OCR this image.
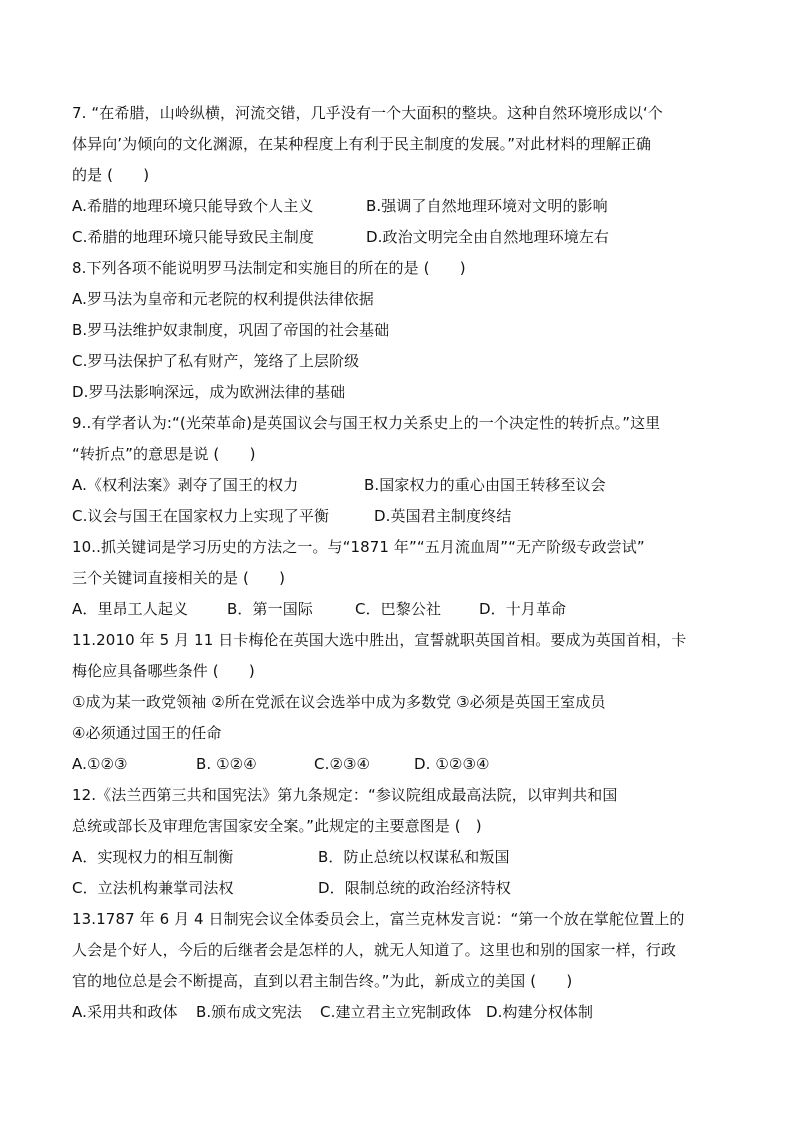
7. “在希腊，山岭纵横，河流交错，几乎没有一个大面积的整块。这种自然环境形成以‘个
体异向’为倾向的文化渊源，在某种程度上有利于民主制度的发展。”对此材料的理解正确
的是 (　　)
A.希腊的地理环境只能导致个人主义	B.强调了自然地理环境对文明的影响
C.希腊的地理环境只能导致民主制度	D.政治文明完全由自然地理环境左右
8.下列各项不能说明罗马法制定和实施目的所在的是 (　　)
A.罗马法为皇帝和元老院的权利提供法律依据
B.罗马法维护奴隶制度，巩固了帝国的社会基础
C.罗马法保护了私有财产，笼络了上层阶级
D.罗马法影响深远，成为欧洲法律的基础
9..有学者认为:“(光荣革命)是英国议会与国王权力关系史上的一个决定性的转折点。”这里
“转折点”的意思是说 (　　)
A.《权利法案》剥夺了国王的权力	B.国家权力的重心由国王转移至议会
C.议会与国王在国家权力上实现了平衡	D.英国君主制度终结
10..抓关键词是学习历史的方法之一。与“1871 年”“五月流血周”“无产阶级专政尝试”
三个关键词直接相关的是 (　　)
A．里昂工人起义	B．第一国际	C．巴黎公社	D．十月革命
11.2010 年 5 月 11 日卡梅伦在英国大选中胜出，宣誓就职英国首相。要成为英国首相，卡
梅伦应具备哪些条件 (　　)
①成为某一政党领袖 ②所在党派在议会选举中成为多数党 ③必须是英国王室成员
④必须通过国王的任命
A.①②③	B. ①②④	C.②③④	D. ①②③④
12.《法兰西第三共和国宪法》第九条规定：“参议院组成最高法院，以审判共和国
总统或部长及审理危害国家安全案。”此规定的主要意图是 (　)
A．实现权力的相互制衡	B．防止总统以权谋私和叛国
C．立法机构兼掌司法权	D．限制总统的政治经济特权
13.1787 年 6 月 4 日制宪会议全体委员会上，富兰克林发言说：“第一个放在掌舵位置上的
人会是个好人，今后的后继者会是怎样的人，就无人知道了。这里也和别的国家一样，行政
官的地位总是会不断提高，直到以君主制告终。”为此，新成立的美国 (　　)
A.采用共和政体 B.颁布成文宪法 C.建立君主立宪制政体 D.构建分权体制
